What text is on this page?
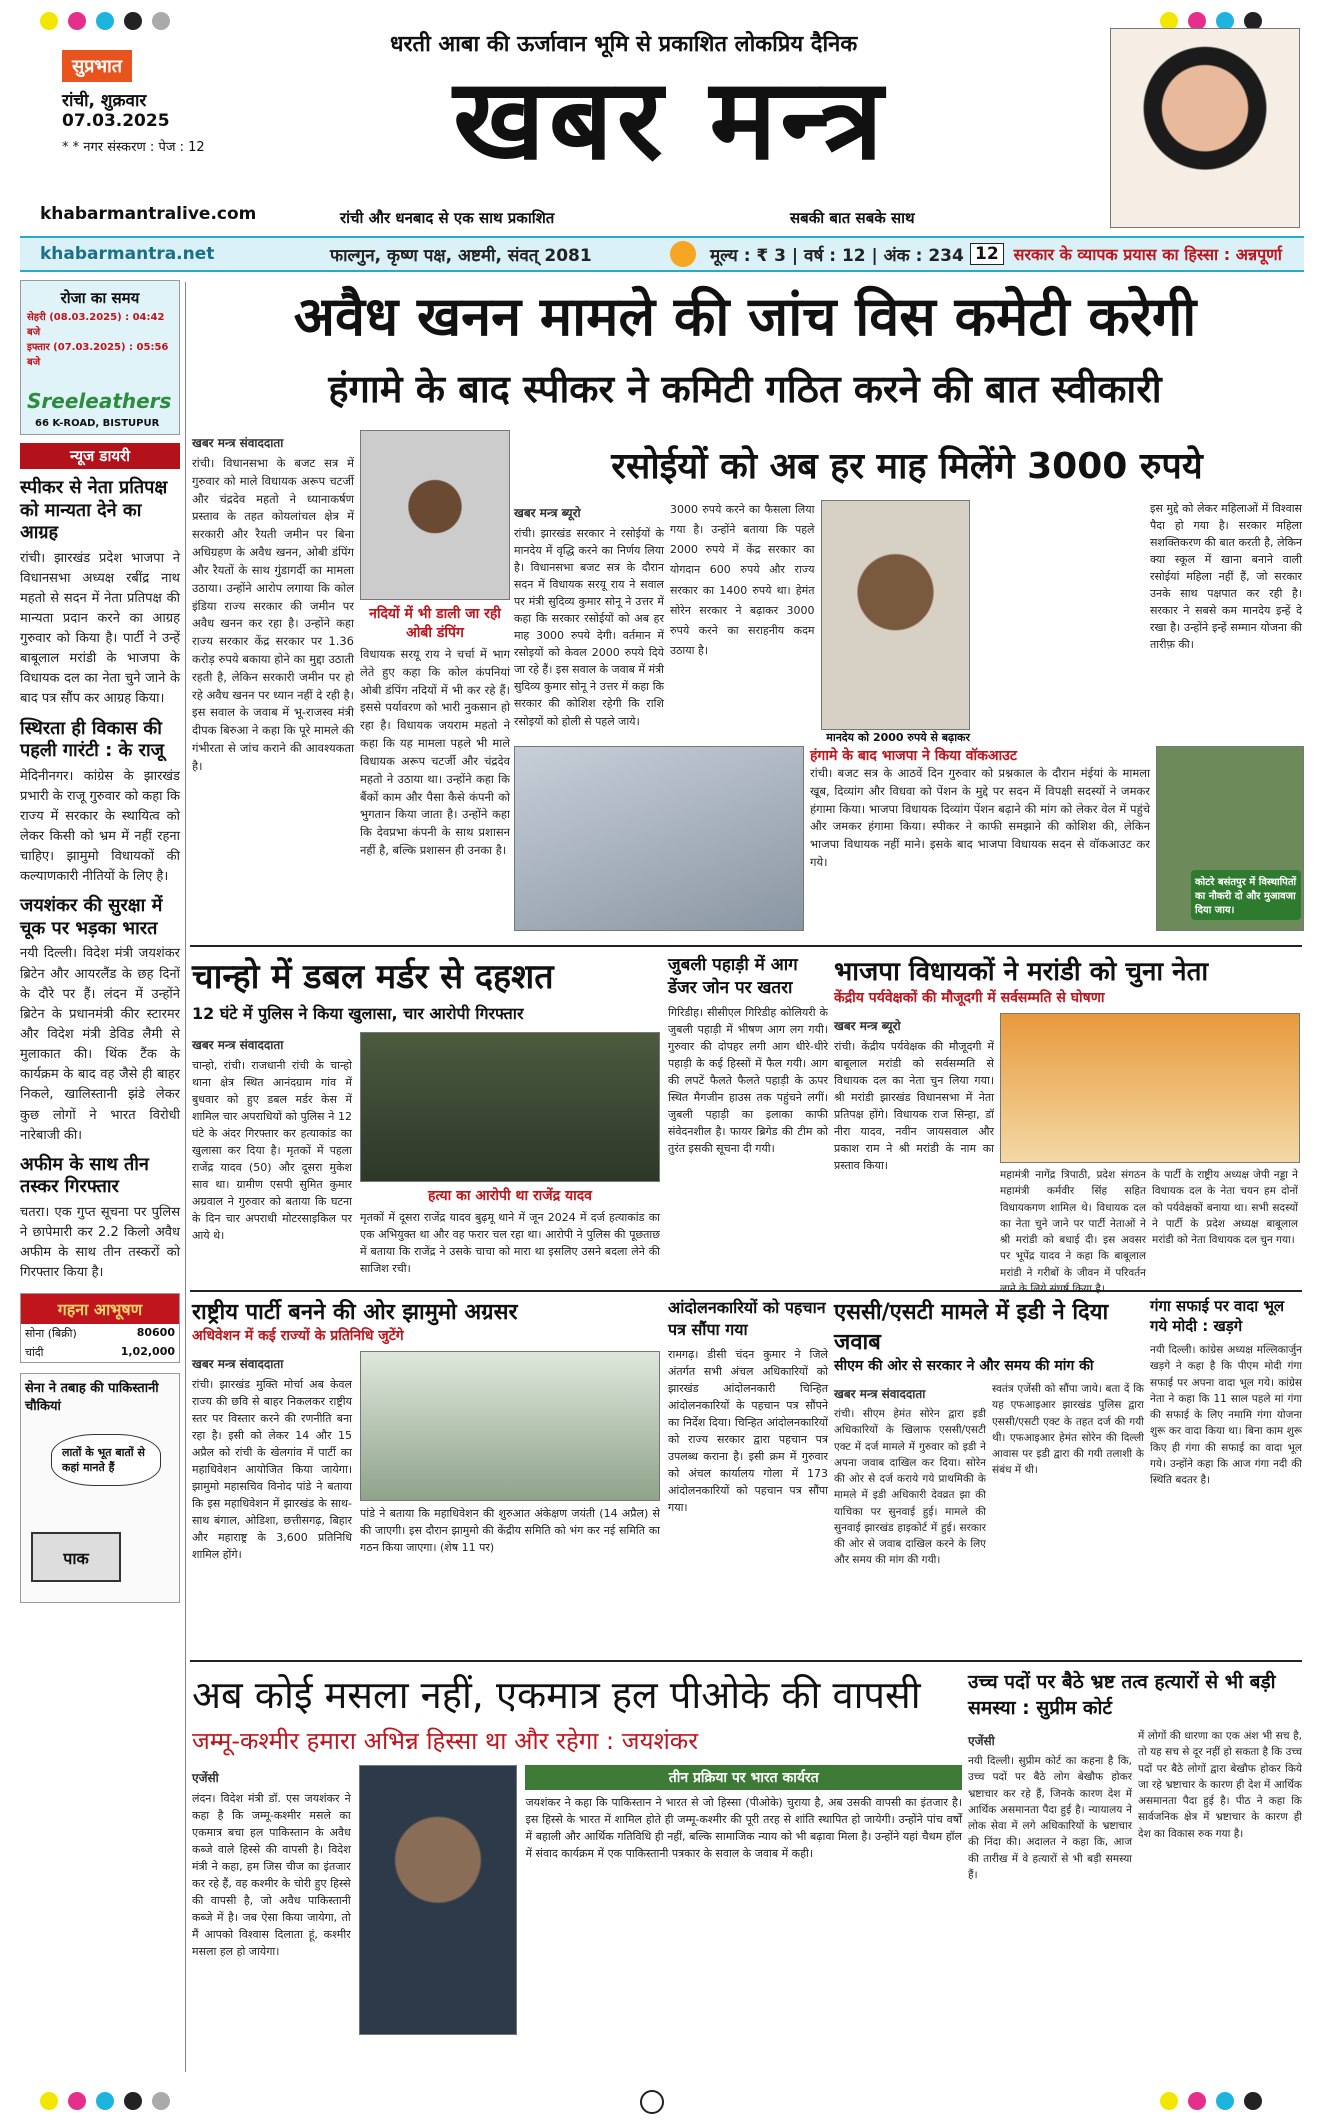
सुप्रभात
रांची, शुक्रवार
07.03.2025
* * नगर संस्करण : पेज : 12
धरती आबा की ऊर्जावान भूमि से प्रकाशित लोकप्रिय दैनिक
खबर मन्त्र
khabarmantralive.com	रांची और धनबाद से एक साथ प्रकाशित	सबकी बात सबके साथ
khabarmantra.net	फाल्गुन, कृष्ण पक्ष, अष्टमी, संवत् 2081	मूल्य : ₹ 3 | वर्ष : 12 | अंक : 234 12 सरकार के व्यापक प्रयास का हिस्सा : अन्नपूर्णा
रोजा का समय
सेहरी (08.03.2025) : 04:42 बजे
इफ्तार (07.03.2025) : 05:56 बजे
Sreeleathers
66 K-ROAD, BISTUPUR
न्यूज डायरी
स्पीकर से नेता प्रतिपक्ष को मान्यता देने का आग्रह
रांची। झारखंड प्रदेश भाजपा ने विधानसभा अध्यक्ष रबींद्र नाथ महतो से सदन में नेता प्रतिपक्ष की मान्यता प्रदान करने का आग्रह गुरुवार को किया है। पार्टी ने उन्हें बाबूलाल मरांडी के भाजपा के विधायक दल का नेता चुने जाने के बाद पत्र सौंप कर आग्रह किया।
स्थिरता ही विकास की पहली गारंटी : के राजू
मेदिनीनगर। कांग्रेस के झारखंड प्रभारी के राजू गुरुवार को कहा कि राज्य में सरकार के स्थायित्व को लेकर किसी को भ्रम में नहीं रहना चाहिए। झामुमो विधायकों की कल्याणकारी नीतियों के लिए है।
जयशंकर की सुरक्षा में चूक पर भड़का भारत
नयी दिल्ली। विदेश मंत्री जयशंकर ब्रिटेन और आयरलैंड के छह दिनों के दौरे पर हैं। लंदन में उन्होंने ब्रिटेन के प्रधानमंत्री कीर स्टारमर और विदेश मंत्री डेविड लैमी से मुलाकात की। थिंक टैंक के कार्यक्रम के बाद वह जैसे ही बाहर निकले, खालिस्तानी झंडे लेकर कुछ लोगों ने भारत विरोधी नारेबाजी की।
अफीम के साथ तीन तस्कर गिरफ्तार
चतरा। एक गुप्त सूचना पर पुलिस ने छापेमारी कर 2.2 किलो अवैध अफीम के साथ तीन तस्करों को गिरफ्तार किया है।
गहना आभूषण
सोना (बिक्री)	80600
चांदी	1,02,000
सेना ने तबाह की पाकिस्तानी चौकियां
लातों के भूत बातों से कहां मानते हैं
पाक
अवैध खनन मामले की जांच विस कमेटी करेगी
हंगामे के बाद स्पीकर ने कमिटी गठित करने की बात स्वीकारी
खबर मन्त्र संवाददाता
रांची। विधानसभा के बजट सत्र में गुरुवार को माले विधायक अरूप चटर्जी और चंद्रदेव महतो ने ध्यानाकर्षण प्रस्ताव के तहत कोयलांचल क्षेत्र में सरकारी और रैयती जमीन पर बिना अधिग्रहण के अवैध खनन, ओबी डंपिंग और रैयतों के साथ गुंडागर्दी का मामला उठाया। उन्होंने आरोप लगाया कि कोल इंडिया राज्य सरकार की जमीन पर अवैध खनन कर रहा है। उन्होंने कहा राज्य सरकार केंद्र सरकार पर 1.36 करोड़ रुपये बकाया होने का मुद्दा उठाती रहती है, लेकिन सरकारी जमीन पर हो रहे अवैध खनन पर ध्यान नहीं दे रही है। इस सवाल के जवाब में भू-राजस्व मंत्री दीपक बिरुआ ने कहा कि पूरे मामले की गंभीरता से जांच कराने की आवश्यकता है।
नदियों में भी डाली जा रही ओबी डंपिंग
विधायक सरयू राय ने चर्चा में भाग लेते हुए कहा कि कोल कंपनियां ओबी डंपिंग नदियों में भी कर रहे हैं। इससे पर्यावरण को भारी नुकसान हो रहा है। विधायक जयराम महतो ने कहा कि यह मामला पहले भी माले विधायक अरूप चटर्जी और चंद्रदेव महतो ने उठाया था। उन्होंने कहा कि बैंकों काम और पैसा कैसे कंपनी को भुगतान किया जाता है। उन्होंने कहा कि देवप्रभा कंपनी के साथ प्रशासन नहीं है, बल्कि प्रशासन ही उनका है।
रसोईयों को अब हर माह मिलेंगे 3000 रुपये
खबर मन्त्र ब्यूरो
रांची। झारखंड सरकार ने रसोईयों के मानदेय में वृद्धि करने का निर्णय लिया है। विधानसभा बजट सत्र के दौरान सदन में विधायक सरयू राय ने सवाल पर मंत्री सुदिव्य कुमार सोनू ने उत्तर में कहा कि सरकार रसोईयों को अब हर माह 3000 रुपये देगी। वर्तमान में रसोइयों को केवल 2000 रुपये दिये जा रहे हैं। इस सवाल के जवाब में मंत्री सुदिव्य कुमार सोनू ने उत्तर में कहा कि सरकार की कोशिश रहेगी कि राशि रसोइयों को होली से पहले जाये।
3000 रुपये करने का फैसला लिया गया है। उन्होंने बताया कि पहले 2000 रुपये में केंद्र सरकार का योगदान 600 रुपये और राज्य सरकार का 1400 रुपये था। हेमंत सोरेन सरकार ने बढ़ाकर 3000 रुपये करने का सराहनीय कदम उठाया है।
मानदेय को 2000 रुपये से बढ़ाकर
इस मुद्दे को लेकर महिलाओं में विश्वास पैदा हो गया है। सरकार महिला सशक्तिकरण की बात करती है, लेकिन क्या स्कूल में खाना बनाने वाली रसोईयां महिला नहीं हैं, जो सरकार उनके साथ पक्षपात कर रही है। सरकार ने सबसे कम मानदेय इन्हें दे रखा है। उन्होंने इन्हें सम्मान योजना की तारीफ़ की।
हंगामे के बाद भाजपा ने किया वॉकआउट
रांची। बजट सत्र के आठवें दिन गुरुवार को प्रश्नकाल के दौरान मंईयां के मामला खूब, दिव्यांग और विधवा को पेंशन के मुद्दे पर सदन में विपक्षी सदस्यों ने जमकर हंगामा किया। भाजपा विधायक दिव्यांग पेंशन बढ़ाने की मांग को लेकर वेल में पहुंचे और जमकर हंगामा किया। स्पीकर ने काफी समझाने की कोशिश की, लेकिन भाजपा विधायक नहीं माने। इसके बाद भाजपा विधायक सदन से वॉकआउट कर गये।
कोटरे बसंतपुर में विस्थापितों का नौकरी दो और मुआवजा दिया जाय।
चान्हो में डबल मर्डर से दहशत
12 घंटे में पुलिस ने किया खुलासा, चार आरोपी गिरफ्तार
खबर मन्त्र संवाददाता
चान्हो, रांची। राजधानी रांची के चान्हो थाना क्षेत्र स्थित आनंदग्राम गांव में बुधवार को हुए डबल मर्डर केस में शामिल चार अपराधियों को पुलिस ने 12 घंटे के अंदर गिरफ्तार कर हत्याकांड का खुलासा कर दिया है। मृतकों में पहला राजेंद्र यादव (50) और दूसरा मुकेश साव था। ग्रामीण एसपी सुमित कुमार अग्रवाल ने गुरुवार को बताया कि घटना के दिन चार अपराधी मोटरसाइकिल पर आये थे।
हत्या का आरोपी था राजेंद्र यादव
मृतकों में दूसरा राजेंद्र यादव बुढ़मू थाने में जून 2024 में दर्ज हत्याकांड का एक अभियुक्त था और वह फरार चल रहा था। आरोपी ने पुलिस की पूछताछ में बताया कि राजेंद्र ने उसके चाचा को मारा था इसलिए उसने बदला लेने की साजिश रची।
जुबली पहाड़ी में आग डेंजर जोन पर खतरा
गिरिडीह। सीसीएल गिरिडीह कोलियरी के जुबली पहाड़ी में भीषण आग लग गयी। गुरुवार की दोपहर लगी आग धीरे-धीरे पहाड़ी के कई हिस्सों में फैल गयी। आग की लपटें फैलते फैलते पहाड़ी के ऊपर स्थित मैगजीन हाउस तक पहुंचने लगीं। जुबली पहाड़ी का इलाका काफी संवेदनशील है। फायर ब्रिगेड की टीम को तुरंत इसकी सूचना दी गयी।
भाजपा विधायकों ने मरांडी को चुना नेता
केंद्रीय पर्यवेक्षकों की मौजूदगी में सर्वसम्मति से घोषणा
खबर मन्त्र ब्यूरो
रांची। केंद्रीय पर्यवेक्षक की मौजूदगी में बाबूलाल मरांडी को सर्वसम्मति से विधायक दल का नेता चुन लिया गया। श्री मरांडी झारखंड विधानसभा में नेता प्रतिपक्ष होंगे। विधायक राज सिन्हा, डॉ नीरा यादव, नवीन जायसवाल और प्रकाश राम ने श्री मरांडी के नाम का प्रस्ताव किया।
महामंत्री नागेंद्र त्रिपाठी, प्रदेश संगठन महामंत्री कर्मवीर सिंह सहित विधायकगण शामिल थे। विधायक दल का नेता चुने जाने पर पार्टी नेताओं ने श्री मरांडी को बधाई दी। इस अवसर पर भूपेंद्र यादव ने कहा कि बाबूलाल मरांडी ने गरीबों के जीवन में परिवर्तन लाने के लिये संघर्ष किया है।
के पार्टी के राष्ट्रीय अध्यक्ष जेपी नड्डा ने विधायक दल के नेता चयन हम दोनों को पर्यवेक्षकों बनाया था। सभी सदस्यों ने पार्टी के प्रदेश अध्यक्ष बाबूलाल मरांडी को नेता विधायक दल चुन गया।
राष्ट्रीय पार्टी बनने की ओर झामुमो अग्रसर
अधिवेशन में कई राज्यों के प्रतिनिधि जुटेंगे
खबर मन्त्र संवाददाता
रांची। झारखंड मुक्ति मोर्चा अब केवल राज्य की छवि से बाहर निकलकर राष्ट्रीय स्तर पर विस्तार करने की रणनीति बना रहा है। इसी को लेकर 14 और 15 अप्रैल को रांची के खेलगांव में पार्टी का महाधिवेशन आयोजित किया जायेगा। झामुमो महासचिव विनोद पांडे ने बताया कि इस महाधिवेशन में झारखंड के साथ-साथ बंगाल, ओडिशा, छत्तीसगढ़, बिहार और महाराष्ट्र के 3,600 प्रतिनिधि शामिल होंगे।
पांडे ने बताया कि महाधिवेशन की शुरुआत अंकेक्षण जयंती (14 अप्रैल) से की जाएगी। इस दौरान झामुमो की केंद्रीय समिति को भंग कर नई समिति का गठन किया जाएगा। (शेष 11 पर)
आंदोलनकारियों को पहचान पत्र सौंपा गया
रामगढ़। डीसी चंदन कुमार ने जिले अंतर्गत सभी अंचल अधिकारियों को झारखंड आंदोलनकारी चिन्हित आंदोलनकारियों के पहचान पत्र सौंपने का निर्देश दिया। चिन्हित आंदोलनकारियों को राज्य सरकार द्वारा पहचान पत्र उपलब्ध कराना है। इसी क्रम में गुरुवार को अंचल कार्यालय गोला में 173 आंदोलनकारियों को पहचान पत्र सौंपा गया।
एससी/एसटी मामले में इडी ने दिया जवाब
सीएम की ओर से सरकार ने और समय की मांग की
खबर मन्त्र संवाददाता
रांची। सीएम हेमंत सोरेन द्वारा इडी अधिकारियों के खिलाफ एससी/एसटी एक्ट में दर्ज मामले में गुरुवार को इडी ने अपना जवाब दाखिल कर दिया। सोरेन की ओर से दर्ज कराये गये प्राथमिकी के मामले में इडी अधिकारी देवव्रत झा की याचिका पर सुनवाई हुई। मामले की सुनवाई झारखंड हाइकोर्ट में हुई। सरकार की ओर से जवाब दाखिल करने के लिए और समय की मांग की गयी।
स्वतंत्र एजेंसी को सौंपा जाये। बता दें कि यह एफआइआर झारखंड पुलिस द्वारा एससी/एसटी एक्ट के तहत दर्ज की गयी थी। एफआइआर हेमंत सोरेन की दिल्ली आवास पर इडी द्वारा की गयी तलाशी के संबंध में थी।
गंगा सफाई पर वादा भूल गये मोदी : खड़गे
नयी दिल्ली। कांग्रेस अध्यक्ष मल्लिकार्जुन खड़गे ने कहा है कि पीएम मोदी गंगा सफाई पर अपना वादा भूल गये। कांग्रेस नेता ने कहा कि 11 साल पहले मां गंगा की सफाई के लिए नमामि गंगा योजना शुरू कर वादा किया था। बिना काम शुरू किए ही गंगा की सफाई का वादा भूल गये। उन्होंने कहा कि आज गंगा नदी की स्थिति बदतर है।
अब कोई मसला नहीं, एकमात्र हल पीओके की वापसी
जम्मू-कश्मीर हमारा अभिन्न हिस्सा था और रहेगा : जयशंकर
एजेंसी
लंदन। विदेश मंत्री डॉ. एस जयशंकर ने कहा है कि जम्मू-कश्मीर मसले का एकमात्र बचा हल पाकिस्तान के अवैध कब्जे वाले हिस्से की वापसी है। विदेश मंत्री ने कहा, हम जिस चीज का इंतजार कर रहे हैं, वह कश्मीर के चोरी हुए हिस्से की वापसी है, जो अवैध पाकिस्तानी कब्जे में है। जब ऐसा किया जायेगा, तो मैं आपको विश्वास दिलाता हूं, कश्मीर मसला हल हो जायेगा।
तीन प्रक्रिया पर भारत कार्यरत
जयशंकर ने कहा कि पाकिस्तान ने भारत से जो हिस्सा (पीओके) चुराया है, अब उसकी वापसी का इंतजार है। इस हिस्से के भारत में शामिल होते ही जम्मू-कश्मीर की पूरी तरह से शांति स्थापित हो जायेगी। उन्होंने पांच वर्षों में बहाली और आर्थिक गतिविधि ही नहीं, बल्कि सामाजिक न्याय को भी बढ़ावा मिला है। उन्होंने यहां चैथम हॉल में संवाद कार्यक्रम में एक पाकिस्तानी पत्रकार के सवाल के जवाब में कही।
उच्च पदों पर बैठे भ्रष्ट तत्व हत्यारों से भी बड़ी समस्या : सुप्रीम कोर्ट
एजेंसी
नयी दिल्ली। सुप्रीम कोर्ट का कहना है कि, उच्च पदों पर बैठे लोग बेखौफ होकर भ्रष्टाचार कर रहे हैं, जिनके कारण देश में आर्थिक असमानता पैदा हुई है। न्यायालय ने लोक सेवा में लगे अधिकारियों के भ्रष्टाचार की निंदा की। अदालत ने कहा कि, आज की तारीख में वे हत्यारों से भी बड़ी समस्या हैं।
में लोगों की धारणा का एक अंश भी सच है, तो यह सच से दूर नहीं हो सकता है कि उच्च पदों पर बैठे लोगों द्वारा बेखौफ होकर किये जा रहे भ्रष्टाचार के कारण ही देश में आर्थिक असमानता पैदा हुई है। पीठ ने कहा कि सार्वजनिक क्षेत्र में भ्रष्टाचार के कारण ही देश का विकास रुक गया है।
